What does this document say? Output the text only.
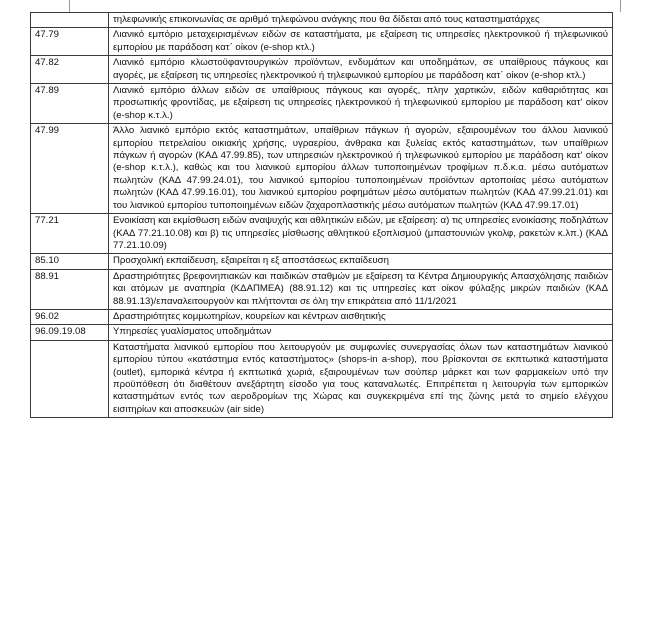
	τηλεφωνικής επικοινωνίας σε αριθμό τηλεφώνου ανάγκης που θα δίδεται από τους καταστηματάρχες
47.79	Λιανικό εμπόριο μεταχειρισμένων ειδών σε καταστήματα, με εξαίρεση τις υπηρεσίες ηλεκτρονικού ή τηλεφωνικού εμπορίου με παράδοση κατ΄ οίκον (e-shop κτλ.)
47.82	Λιανικό εμπόριο κλωστοϋφαντουργικών προϊόντων, ενδυμάτων και υποδημάτων, σε υπαίθριους πάγκους και αγορές, με εξαίρεση τις υπηρεσίες ηλεκτρονικού ή τηλεφωνικού εμπορίου με παράδοση κατ΄ οίκον (e-shop κτλ.)
47.89	Λιανικό εμπόριο άλλων ειδών σε υπαίθριους πάγκους και αγορές, πλην χαρτικών, ειδών καθαριότητας και προσωπικής φροντίδας, με εξαίρεση τις υπηρεσίες ηλεκτρονικού ή τηλεφωνικού εμπορίου με παράδοση κατ' οίκον (e-shop κ.τ.λ.)
47.99	Άλλο λιανικό εμπόριο εκτός καταστημάτων, υπαίθριων πάγκων ή αγορών, εξαιρουμένων του άλλου λιανικού εμπορίου πετρελαίου οικιακής χρήσης, υγραερίου, άνθρακα και ξυλείας εκτός καταστημάτων, των υπαίθριων πάγκων ή αγορών (ΚΑΔ 47.99.85), των υπηρεσιών ηλεκτρονικού ή τηλεφωνικού εμπορίου με παράδοση κατ' οίκον (e-shop κ.τ.λ.), καθώς και του λιανικού εμπορίου άλλων τυποποιημένων τροφίμων π.δ.κ.α. μέσω αυτόματων πωλητών (ΚΑΔ 47.99.24.01), του λιανικού εμπορίου τυποποιημένων προϊόντων αρτοποιίας μέσω αυτόματων πωλητών (ΚΑΔ 47.99.16.01), του λιανικού εμπορίου ροφημάτων μέσω αυτόματων πωλητών (ΚΑΔ 47.99.21.01) και του λιανικού εμπορίου τυποποιημένων ειδών ζαχαροπλαστικής μέσω αυτόματων πωλητών (ΚΑΔ 47.99.17.01)
77.21	Ενοικίαση και εκμίσθωση ειδών αναψυχής και αθλητικών ειδών, με εξαίρεση: α) τις υπηρεσίες ενοικίασης ποδηλάτων (ΚΑΔ 77.21.10.08) και β) τις υπηρεσίες μίσθωσης αθλητικού εξοπλισμού (μπαστουνιών γκολφ, ρακετών κ.λπ.) (ΚΑΔ 77.21.10.09)
85.10	Προσχολική εκπαίδευση, εξαιρείται η εξ αποστάσεως εκπαίδευση
88.91	Δραστηριότητες βρεφονηπιακών και παιδικών σταθμών με εξαίρεση τα Κέντρα Δημιουργικής Απασχόλησης παιδιών και ατόμων με αναπηρία (ΚΔΑΠΜΕΑ) (88.91.12) και τις υπηρεσίες κατ οίκον φύλαξης μικρών παιδιών (ΚΑΔ 88.91.13)/επαναλειτουργούν και πλήττονται σε όλη την επικράτεια από 11/1/2021
96.02	Δραστηριότητες κομμωτηρίων, κουρείων και κέντρων αισθητικής
96.09.19.08	Υπηρεσίες γυαλίσματος υποδημάτων
	Καταστήματα λιανικού εμπορίου που λειτουργούν με συμφωνίες συνεργασίας όλων των καταστημάτων λιανικού εμπορίου τύπου «κατάστημα εντός καταστήματος» (shops-in a-shop), που βρίσκονται σε εκπτωτικά καταστήματα (outlet), εμπορικά κέντρα ή εκπτωτικά χωριά, εξαιρουμένων των σούπερ μάρκετ και των φαρμακείων υπό την προϋπόθεση ότι διαθέτουν ανεξάρτητη είσοδο για τους καταναλωτές. Επιτρέπεται η λειτουργία των εμπορικών καταστημάτων εντός των αεροδρομίων της Χώρας και συγκεκριμένα επί της ζώνης μετά το σημείο ελέγχου εισιτηρίων και αποσκευών (air side)
